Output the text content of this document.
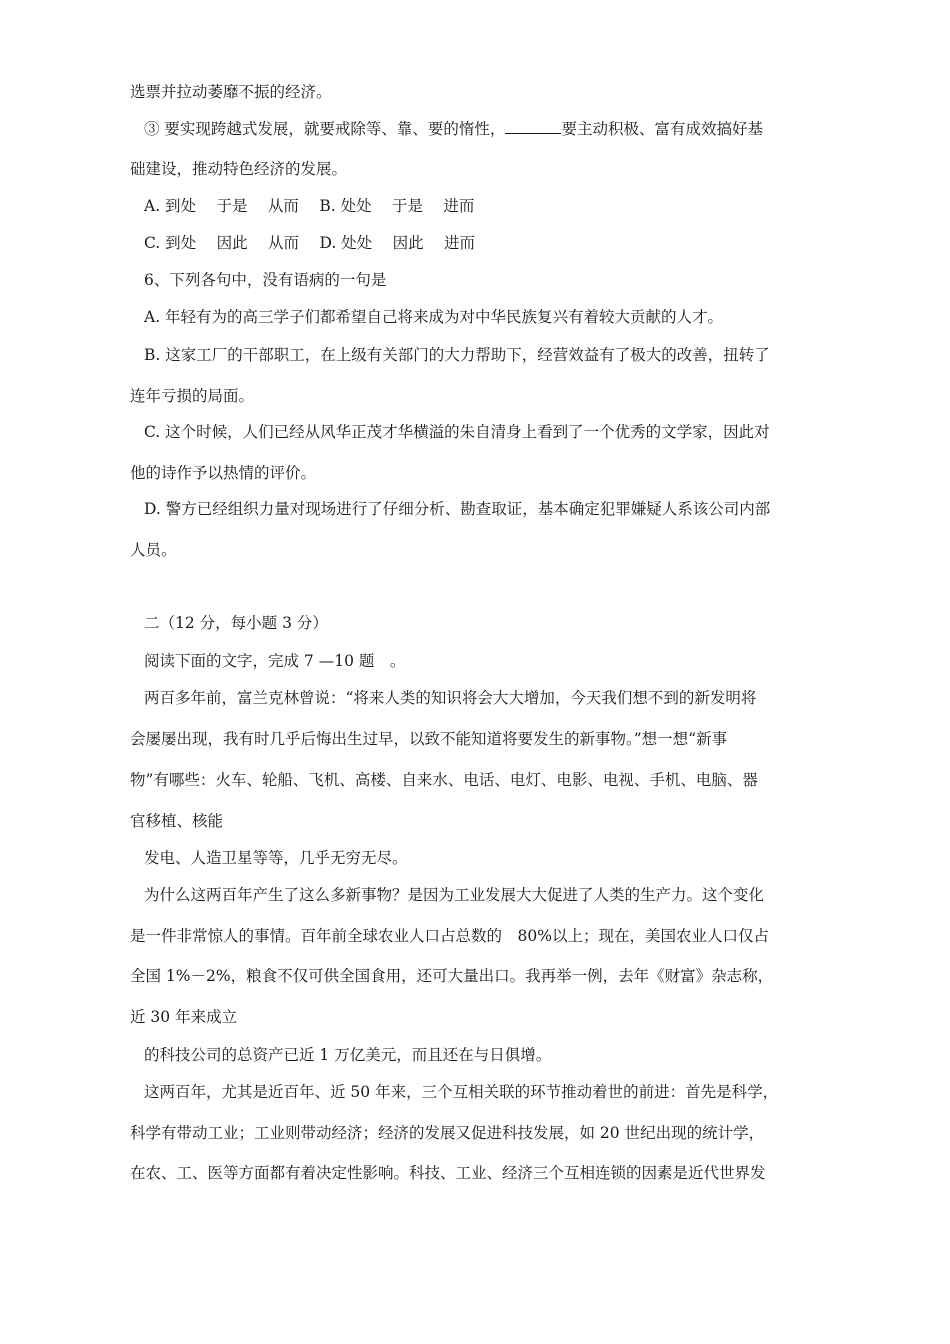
选票并拉动萎靡不振的经济。
③ 要实现跨越式发展，就要戒除等、靠、要的惰性，	要主动积极、富有成效搞好基
础建设，推动特色经济的发展。
A. 到处　 于是　 从而　 B. 处处　 于是　 进而
C. 到处　 因此　 从而　 D. 处处　 因此　 进而
6、下列各句中，没有语病的一句是
A. 年轻有为的高三学子们都希望自己将来成为对中华民族复兴有着较大贡献的人才。
B. 这家工厂的干部职工，在上级有关部门的大力帮助下，经营效益有了极大的改善，扭转了
连年亏损的局面。
C. 这个时候，人们已经从风华正茂才华横溢的朱自清身上看到了一个优秀的文学家，因此对
他的诗作予以热情的评价。
D. 警方已经组织力量对现场进行了仔细分析、勘查取证，基本确定犯罪嫌疑人系该公司内部
人员。
二（12 分，每小题 3 分）
阅读下面的文字，完成 7 —10 题　。
两百多年前，富兰克林曾说：“将来人类的知识将会大大增加，今天我们想不到的新发明将
会屡屡出现，我有时几乎后悔出生过早，以致不能知道将要发生的新事物。”想一想“新事
物”有哪些：火车、轮船、飞机、高楼、自来水、电话、电灯、电影、电视、手机、电脑、器
官移植、核能
发电、人造卫星等等，几乎无穷无尽。
为什么这两百年产生了这么多新事物？是因为工业发展大大促进了人类的生产力。这个变化
是一件非常惊人的事情。百年前全球农业人口占总数的　80%以上；现在，美国农业人口仅占
全国 1%－2%，粮食不仅可供全国食用，还可大量出口。我再举一例，去年《财富》杂志称，
近 30 年来成立
的科技公司的总资产已近 1 万亿美元，而且还在与日俱增。
这两百年，尤其是近百年、近 50 年来，三个互相关联的环节推动着世的前进：首先是科学，
科学有带动工业；工业则带动经济；经济的发展又促进科技发展，如 20 世纪出现的统计学，
在农、工、医等方面都有着决定性影响。科技、工业、经济三个互相连锁的因素是近代世界发
